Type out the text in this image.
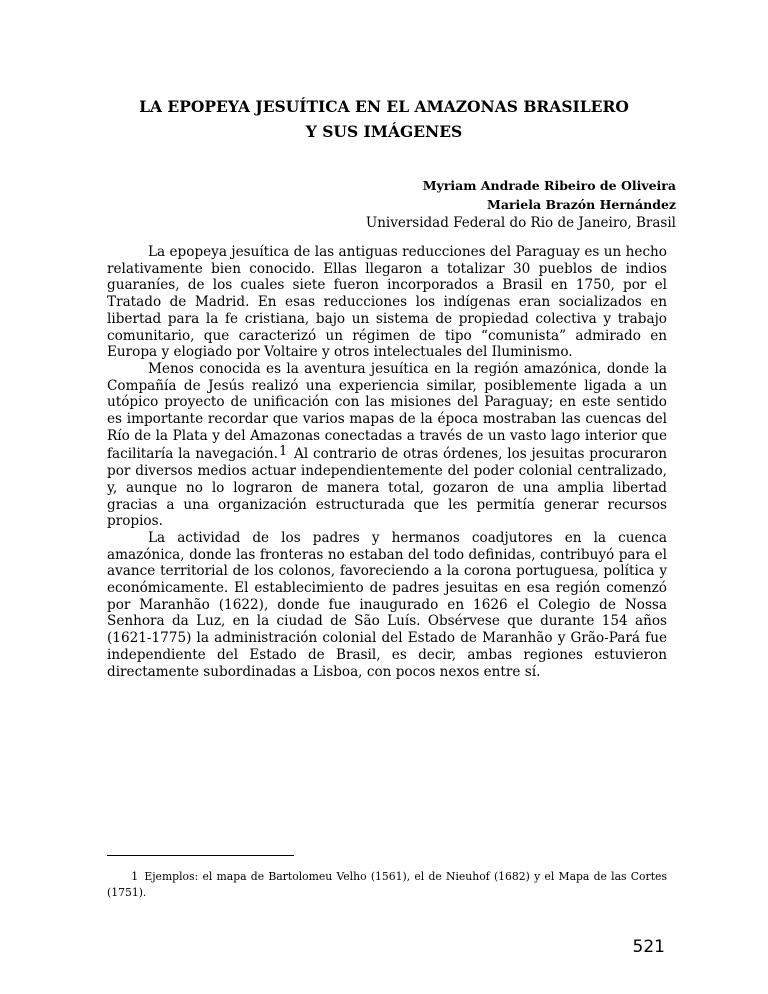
LA EPOPEYA JESUÍTICA EN EL AMAZONAS BRASILERO
Y SUS IMÁGENES
Myriam Andrade Ribeiro de Oliveira
Mariela Brazón Hernández
Universidad Federal do Rio de Janeiro, Brasil

La epopeya jesuítica de las antiguas reducciones del Paraguay es un hecho relativamente bien conocido. Ellas llegaron a totalizar 30 pueblos de indios guaraníes, de los cuales siete fueron incorporados a Brasil en 1750, por el Tratado de Madrid. En esas reducciones los indígenas eran socializados en libertad para la fe cristiana, bajo un sistema de propiedad colectiva y trabajo comunitario, que caracterizó un régimen de tipo “comunista” admirado en Europa y elogiado por Voltaire y otros intelectuales del Iluminismo.

Menos conocida es la aventura jesuítica en la región amazónica, donde la Compañía de Jesús realizó una experiencia similar, posiblemente ligada a un utópico proyecto de unificación con las misiones del Paraguay; en este sentido es importante recordar que varios mapas de la época mostraban las cuencas del Río de la Plata y del Amazonas conectadas a través de un vasto lago interior que facilitaría la navegación.1 Al contrario de otras órdenes, los jesuitas procuraron por diversos medios actuar independientemente del poder colonial centralizado, y, aunque no lo lograron de manera total, gozaron de una amplia libertad gracias a una organización estructurada que les permitía generar recursos propios.

La actividad de los padres y hermanos coadjutores en la cuenca amazónica, donde las fronteras no estaban del todo definidas, contribuyó para el avance territorial de los colonos, favoreciendo a la corona portuguesa, política y económicamente. El establecimiento de padres jesuitas en esa región comenzó por Maranhão (1622), donde fue inaugurado en 1626 el Colegio de Nossa Senhora da Luz, en la ciudad de São Luís. Obsérvese que durante 154 años (1621-1775) la administración colonial del Estado de Maranhão y Grão-Pará fue independiente del Estado de Brasil, es decir, ambas regiones estuvieron directamente subordinadas a Lisboa, con pocos nexos entre sí.

1 Ejemplos: el mapa de Bartolomeu Velho (1561), el de Nieuhof (1682) y el Mapa de las Cortes (1751).
521
